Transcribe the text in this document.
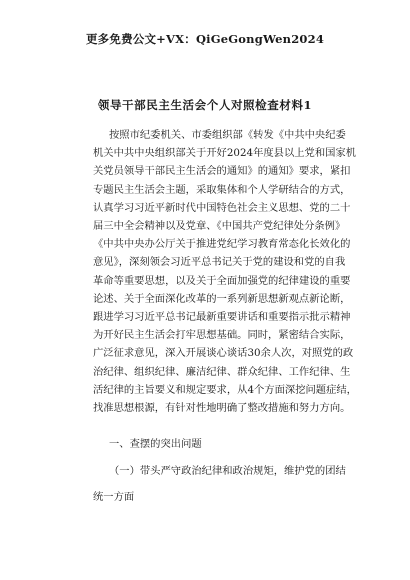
更多免费公文+VX：QiGeGongWen2024
领导干部民主生活会个人对照检查材料1
按照市纪委机关、市委组织部《转发《中共中央纪委
机关中共中央组织部关于开好2024年度县以上党和国家机
关党员领导干部民主生活会的通知》的通知》要求，紧扣
专题民主生活会主题，采取集体和个人学研结合的方式，
认真学习习近平新时代中国特色社会主义思想、党的二十
届三中全会精神以及党章、《中国共产党纪律处分条例》
《中共中央办公厅关于推进党纪学习教育常态化长效化的
意见》，深刻领会习近平总书记关于党的建设和党的自我
革命等重要思想，以及关于全面加强党的纪律建设的重要
论述、关于全面深化改革的一系列新思想新观点新论断，
跟进学习习近平总书记最新重要讲话和重要指示批示精神
为开好民主生活会打牢思想基础。同时，紧密结合实际，
广泛征求意见，深入开展谈心谈话30余人次，对照党的政
治纪律、组织纪律、廉洁纪律、群众纪律、工作纪律、生
活纪律的主旨要义和规定要求，从4个方面深挖问题症结，
找准思想根源，有针对性地明确了整改措施和努力方向。
一、查摆的突出问题
（一）带头严守政治纪律和政治规矩，维护党的团结
统一方面
